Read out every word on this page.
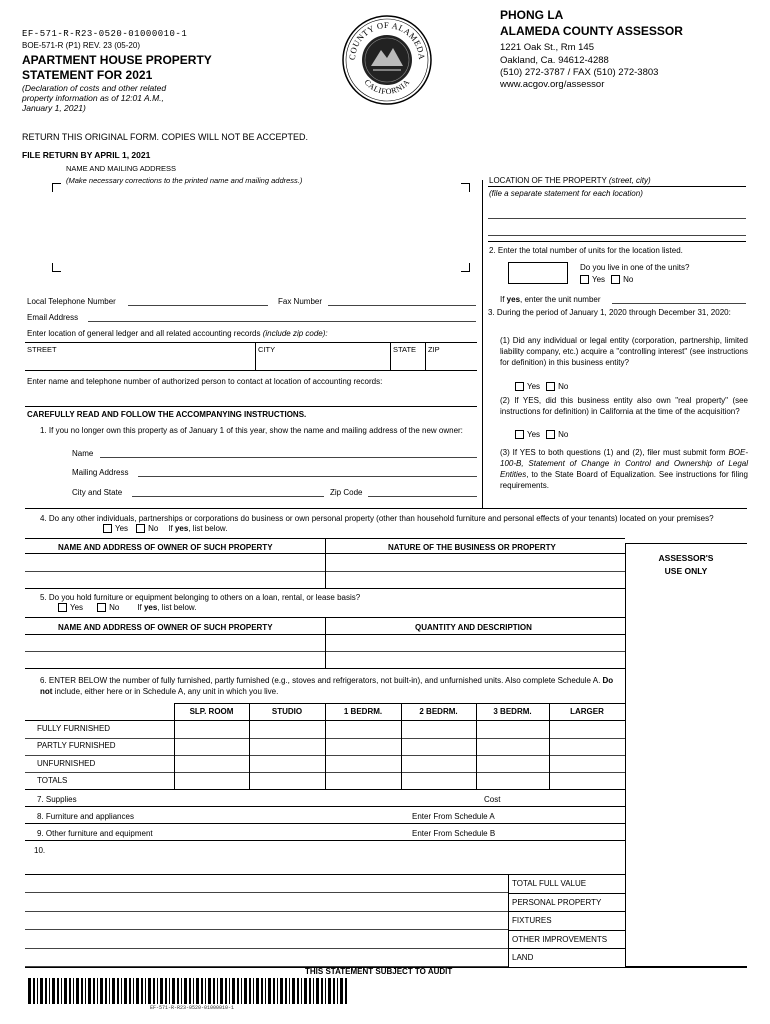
EF-571-R-R23-0520-01000010-1
BOE-571-R (P1) REV. 23 (05-20)
APARTMENT HOUSE PROPERTY
STATEMENT FOR 2021
(Declaration of costs and other related
property information as of 12:01 A.M.,
January 1, 2021)
COUNTY OF ALAMEDA
CALIFORNIA
PHONG LA
ALAMEDA COUNTY ASSESSOR
1221 Oak St., Rm 145
Oakland, Ca. 94612-4288
(510) 272-3787 / FAX (510) 272-3803
www.acgov.org/assessor
RETURN THIS ORIGINAL FORM. COPIES WILL NOT BE ACCEPTED.
FILE RETURN BY APRIL 1, 2021
NAME AND MAILING ADDRESS
(Make necessary corrections to the printed name and mailing address.)	LOCATION OF THE PROPERTY (street, city)
(file a separate statement for each location)
2. Enter the total number of units for the location listed.
Do you live in one of the units?
Yes No
If yes, enter the unit number
3. During the period of January 1, 2020 through December 31, 2020:
(1) Did any individual or legal entity (corporation, partnership, limited liability company, etc.) acquire a "controlling interest" (see instructions for definition) in this business entity?
Yes No
(2) If YES, did this business entity also own "real property" (see instructions for definition) in California at the time of the acquisition?
Yes No
(3) If YES to both questions (1) and (2), filer must submit form BOE-100-B, Statement of Change in Control and Ownership of Legal Entities, to the State Board of Equalization. See instructions for filing requirements.
Local Telephone Number	Fax Number
Email Address
Enter location of general ledger and all related accounting records (include zip code):
STREET	CITY	STATE ZIP
Enter name and telephone number of authorized person to contact at location of accounting records:
CAREFULLY READ AND FOLLOW THE ACCOMPANYING INSTRUCTIONS.
1. If you no longer own this property as of January 1 of this year, show the name and mailing address of the new owner:
Name
Mailing Address
City and State	Zip Code
4. Do any other individuals, partnerships or corporations do business or own personal property (other than household furniture and personal effects of your tenants) located on your premises?
Yes	No If yes, list below.
NAME AND ADDRESS OF OWNER OF SUCH PROPERTY	NATURE OF THE BUSINESS OR PROPERTY
ASSESSOR'S
USE ONLY
5. Do you hold furniture or equipment belonging to others on a loan, rental, or lease basis?
Yes	No If yes, list below.
NAME AND ADDRESS OF OWNER OF SUCH PROPERTY	QUANTITY AND DESCRIPTION
6. ENTER BELOW the number of fully furnished, partly furnished (e.g., stoves and refrigerators, not built-in), and unfurnished units. Also complete Schedule A. Do not include, either here or in Schedule A, any unit in which you live.
SLP. ROOM	STUDIO	1 BEDRM.	2 BEDRM.	3 BEDRM.	LARGER
FULLY FURNISHED
PARTLY FURNISHED
UNFURNISHED
TOTALS
7. Supplies	Cost
8. Furniture and appliances	Enter From Schedule A
9. Other furniture and equipment	Enter From Schedule B
10.
TOTAL FULL VALUE
PERSONAL PROPERTY
FIXTURES
OTHER IMPROVEMENTS
LAND
THIS STATEMENT SUBJECT TO AUDIT
EF-571-R-R23-0520-01000010-1
